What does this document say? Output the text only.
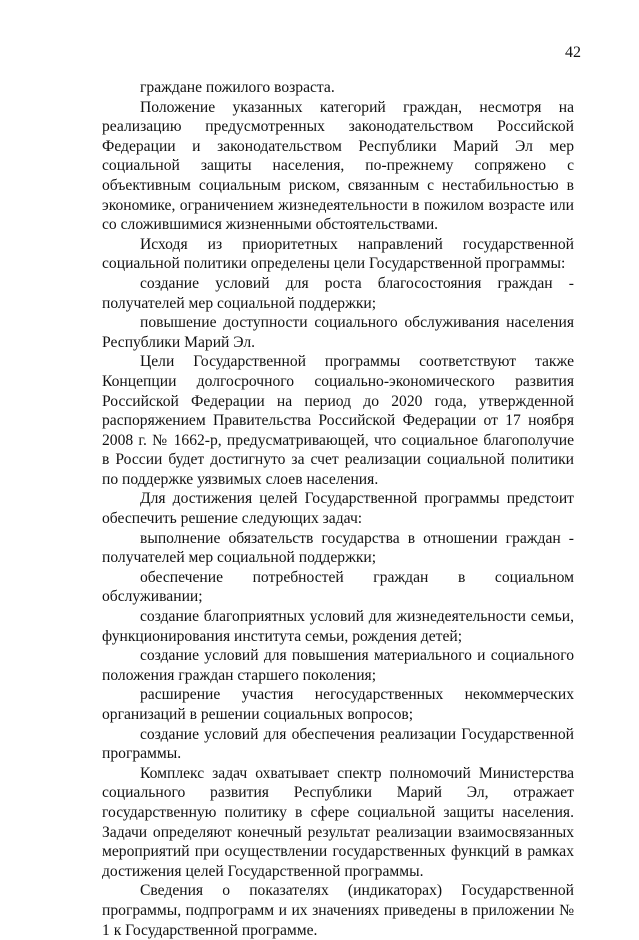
42

граждане пожилого возраста.

Положение указанных категорий граждан, несмотря на реализацию предусмотренных законодательством Российской Федерации и законодательством Республики Марий Эл мер социальной защиты населения, по-прежнему сопряжено с объективным социальным риском, связанным с нестабильностью в экономике, ограничением жизнедеятельности в пожилом возрасте или со сложившимися жизненными обстоятельствами.

Исходя из приоритетных направлений государственной социальной политики определены цели Государственной программы:

создание условий для роста благосостояния граждан - получателей мер социальной поддержки;

повышение доступности социального обслуживания населения Республики Марий Эл.

Цели Государственной программы соответствуют также Концепции долгосрочного социально-экономического развития Российской Федерации на период до 2020 года, утвержденной распоряжением Правительства Российской Федерации от 17 ноября 2008 г. № 1662-р, предусматривающей, что социальное благополучие в России будет достигнуто за счет реализации социальной политики по поддержке уязвимых слоев населения.

Для достижения целей Государственной программы предстоит обеспечить решение следующих задач:

выполнение обязательств государства в отношении граждан - получателей мер социальной поддержки;

обеспечение потребностей граждан в социальном обслуживании;

создание благоприятных условий для жизнедеятельности семьи, функционирования института семьи, рождения детей;

создание условий для повышения материального и социального положения граждан старшего поколения;

расширение участия негосударственных некоммерческих организаций в решении социальных вопросов;

создание условий для обеспечения реализации Государственной программы.

Комплекс задач охватывает спектр полномочий Министерства социального развития Республики Марий Эл, отражает государственную политику в сфере социальной защиты населения. Задачи определяют конечный результат реализации взаимосвязанных мероприятий при осуществлении государственных функций в рамках достижения целей Государственной программы.

Сведения о показателях (индикаторах) Государственной программы, подпрограмм и их значениях приведены в приложении № 1 к Государственной программе.
